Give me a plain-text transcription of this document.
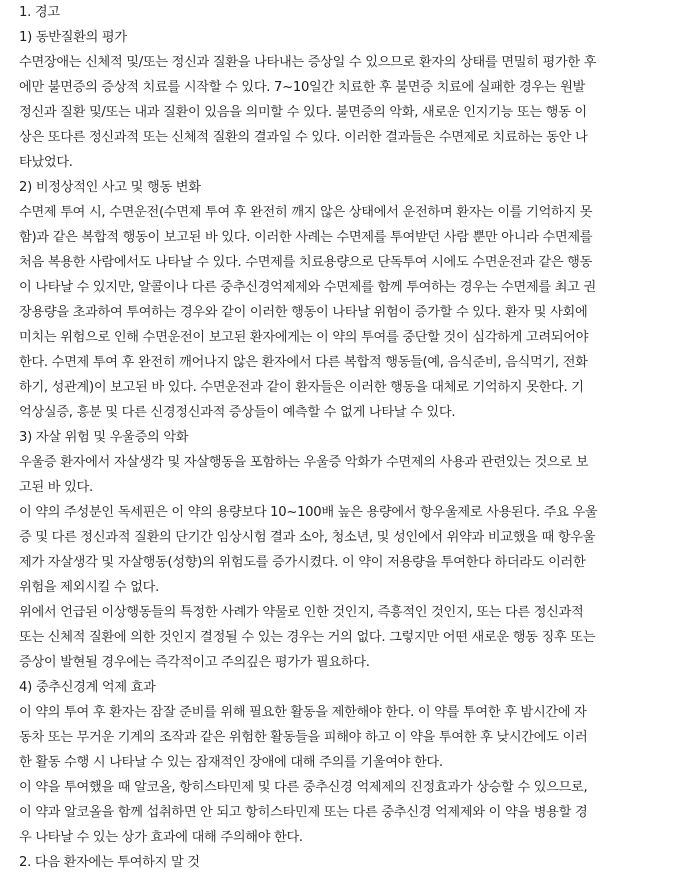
1. 경고
1) 동반질환의 평가
수면장애는 신체적 및/또는 정신과 질환을 나타내는 증상일 수 있으므로 환자의 상태를 면밀히 평가한 후
에만 불면증의 증상적 치료를 시작할 수 있다. 7~10일간 치료한 후 불면증 치료에 실패한 경우는 원발
정신과 질환 및/또는 내과 질환이 있음을 의미할 수 있다. 불면증의 악화, 새로운 인지기능 또는 행동 이
상은 또다른 정신과적 또는 신체적 질환의 결과일 수 있다. 이러한 결과들은 수면제로 치료하는 동안 나
타났었다.
2) 비정상적인 사고 및 행동 변화
수면제 투여 시, 수면운전(수면제 투여 후 완전히 깨지 않은 상태에서 운전하며 환자는 이를 기억하지 못
함)과 같은 복합적 행동이 보고된 바 있다. 이러한 사례는 수면제를 투여받던 사람 뿐만 아니라 수면제를
처음 복용한 사람에서도 나타날 수 있다. 수면제를 치료용량으로 단독투여 시에도 수면운전과 같은 행동
이 나타날 수 있지만, 알콜이나 다른 중추신경억제제와 수면제를 함께 투여하는 경우는 수면제를 최고 권
장용량을 초과하여 투여하는 경우와 같이 이러한 행동이 나타날 위험이 증가할 수 있다. 환자 및 사회에
미치는 위험으로 인해 수면운전이 보고된 환자에게는 이 약의 투여를 중단할 것이 심각하게 고려되어야
한다. 수면제 투여 후 완전히 깨어나지 않은 환자에서 다른 복합적 행동들(예, 음식준비, 음식먹기, 전화
하기, 성관계)이 보고된 바 있다. 수면운전과 같이 환자들은 이러한 행동을 대체로 기억하지 못한다. 기
억상실증, 흥분 및 다른 신경정신과적 증상들이 예측할 수 없게 나타날 수 있다.
3) 자살 위험 및 우울증의 악화
우울증 환자에서 자살생각 및 자살행동을 포함하는 우울증 악화가 수면제의 사용과 관련있는 것으로 보
고된 바 있다.
이 약의 주성분인 독세핀은 이 약의 용량보다 10~100배 높은 용량에서 항우울제로 사용된다. 주요 우울
증 및 다른 정신과적 질환의 단기간 임상시험 결과 소아, 청소년, 및 성인에서 위약과 비교했을 때 항우울
제가 자살생각 및 자살행동(성향)의 위험도를 증가시켰다. 이 약이 저용량을 투여한다 하더라도 이러한
위험을 제외시킬 수 없다.
위에서 언급된 이상행동들의 특정한 사례가 약물로 인한 것인지, 즉흥적인 것인지, 또는 다른 정신과적
또는 신체적 질환에 의한 것인지 결정될 수 있는 경우는 거의 없다. 그렇지만 어떤 새로운 행동 징후 또는
증상이 발현될 경우에는 즉각적이고 주의깊은 평가가 필요하다.
4) 중추신경계 억제 효과
이 약의 투여 후 환자는 잠잘 준비를 위해 필요한 활동을 제한해야 한다. 이 약를 투여한 후 밤시간에 자
동차 또는 무거운 기계의 조작과 같은 위험한 활동들을 피해야 하고 이 약을 투여한 후 낮시간에도 이러
한 활동 수행 시 나타날 수 있는 잠재적인 장애에 대해 주의를 기울여야 한다.
이 약을 투여했을 때 알코올, 항히스타민제 및 다른 중추신경 억제제의 진정효과가 상승할 수 있으므로,
이 약과 알코올을 함께 섭취하면 안 되고 항히스타민제 또는 다른 중추신경 억제제와 이 약을 병용할 경
우 나타날 수 있는 상가 효과에 대해 주의해야 한다.
2. 다음 환자에는 투여하지 말 것
